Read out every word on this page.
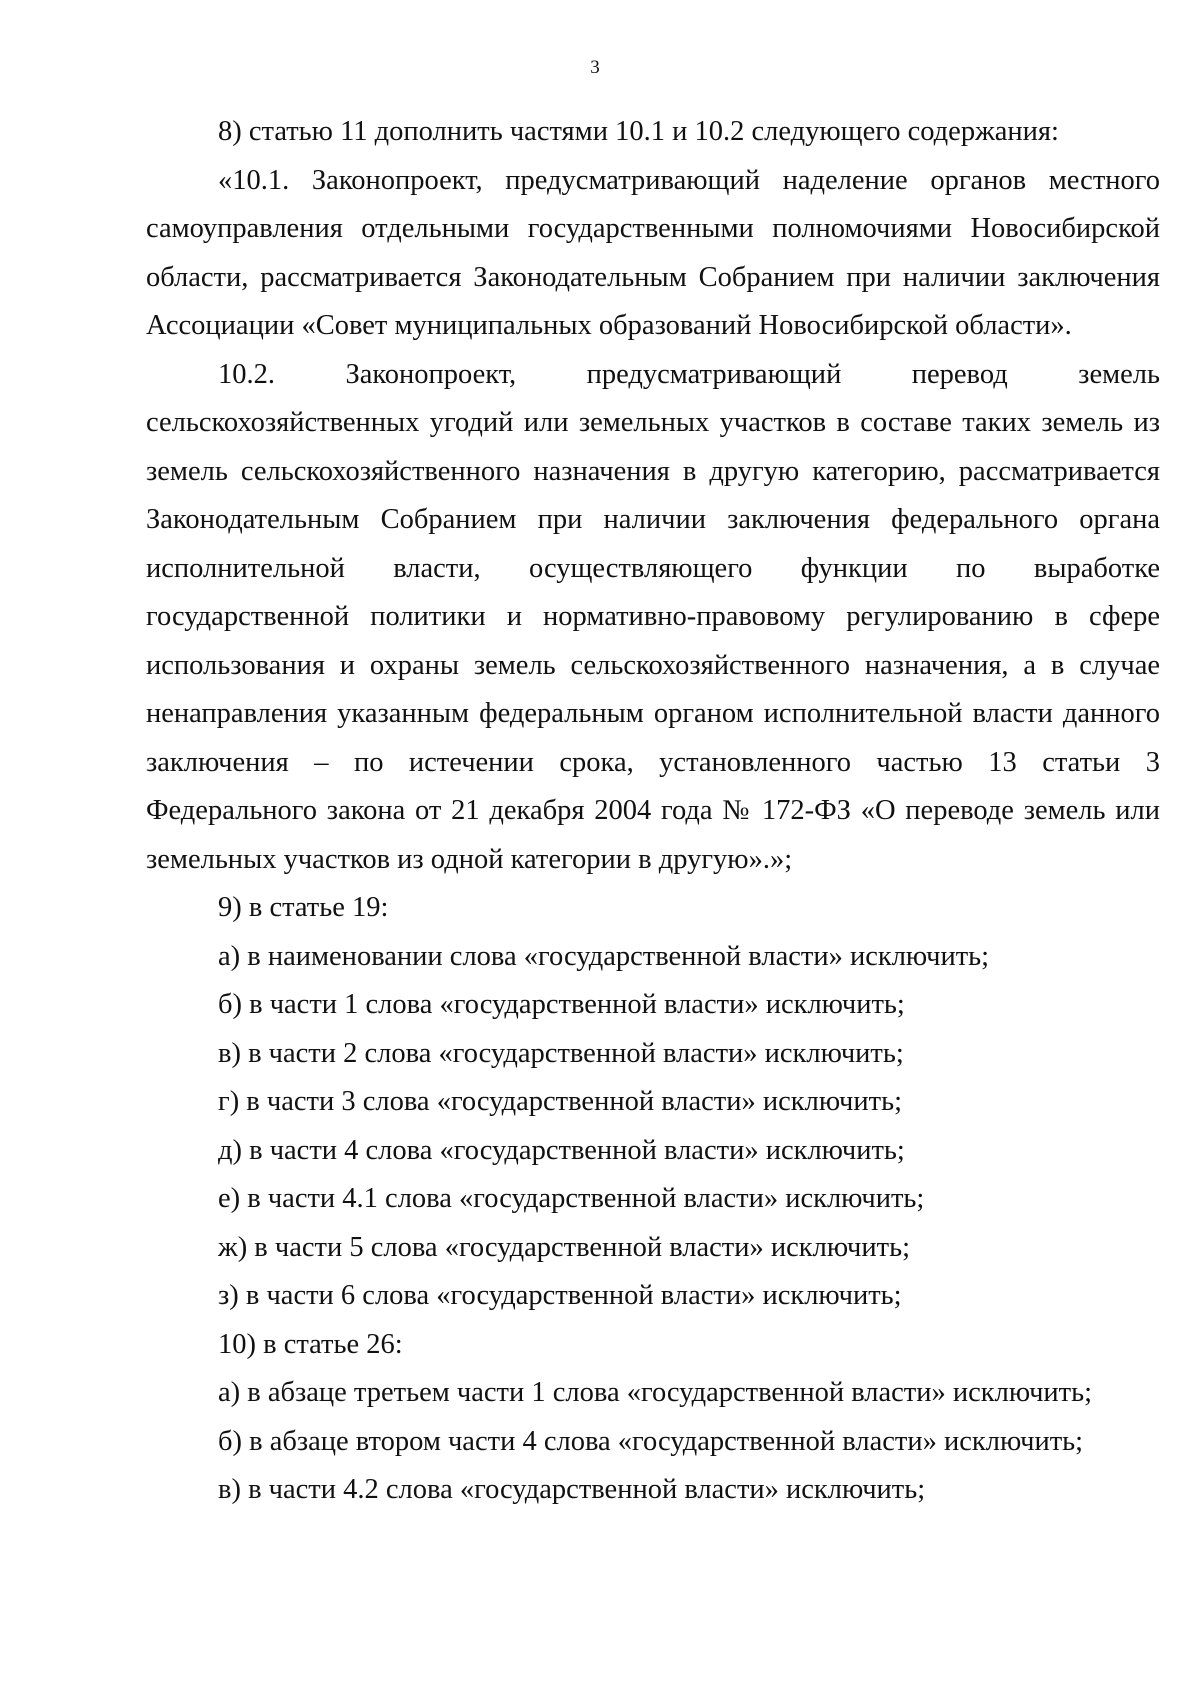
3

8) статью 11 дополнить частями 10.1 и 10.2 следующего содержания:

«10.1. Законопроект, предусматривающий наделение органов местного самоуправления отдельными государственными полномочиями Новосибирской области, рассматривается Законодательным Собранием при наличии заключения Ассоциации «Совет муниципальных образований Новосибирской области».

10.2. Законопроект, предусматривающий перевод земель

сельскохозяйственных угодий или земельных участков в составе таких земель из земель сельскохозяйственного назначения в другую категорию, рассматривается Законодательным Собранием при наличии заключения федерального органа исполнительной власти, осуществляющего функции по выработке государственной политики и нормативно-правовому регулированию в сфере использования и охраны земель сельскохозяйственного назначения, а в случае ненаправления указанным федеральным органом исполнительной власти данного заключения – по истечении срока, установленного частью 13 статьи 3 Федерального закона от 21 декабря 2004 года № 172-ФЗ «О переводе земель или земельных участков из одной категории в другую».»;

9) в статье 19:

а) в наименовании слова «государственной власти» исключить;

б) в части 1 слова «государственной власти» исключить;

в) в части 2 слова «государственной власти» исключить;

г) в части 3 слова «государственной власти» исключить;

д) в части 4 слова «государственной власти» исключить;

е) в части 4.1 слова «государственной власти» исключить;

ж) в части 5 слова «государственной власти» исключить;

з) в части 6 слова «государственной власти» исключить;

10) в статье 26:

а) в абзаце третьем части 1 слова «государственной власти» исключить;

б) в абзаце втором части 4 слова «государственной власти» исключить;

в) в части 4.2 слова «государственной власти» исключить;
